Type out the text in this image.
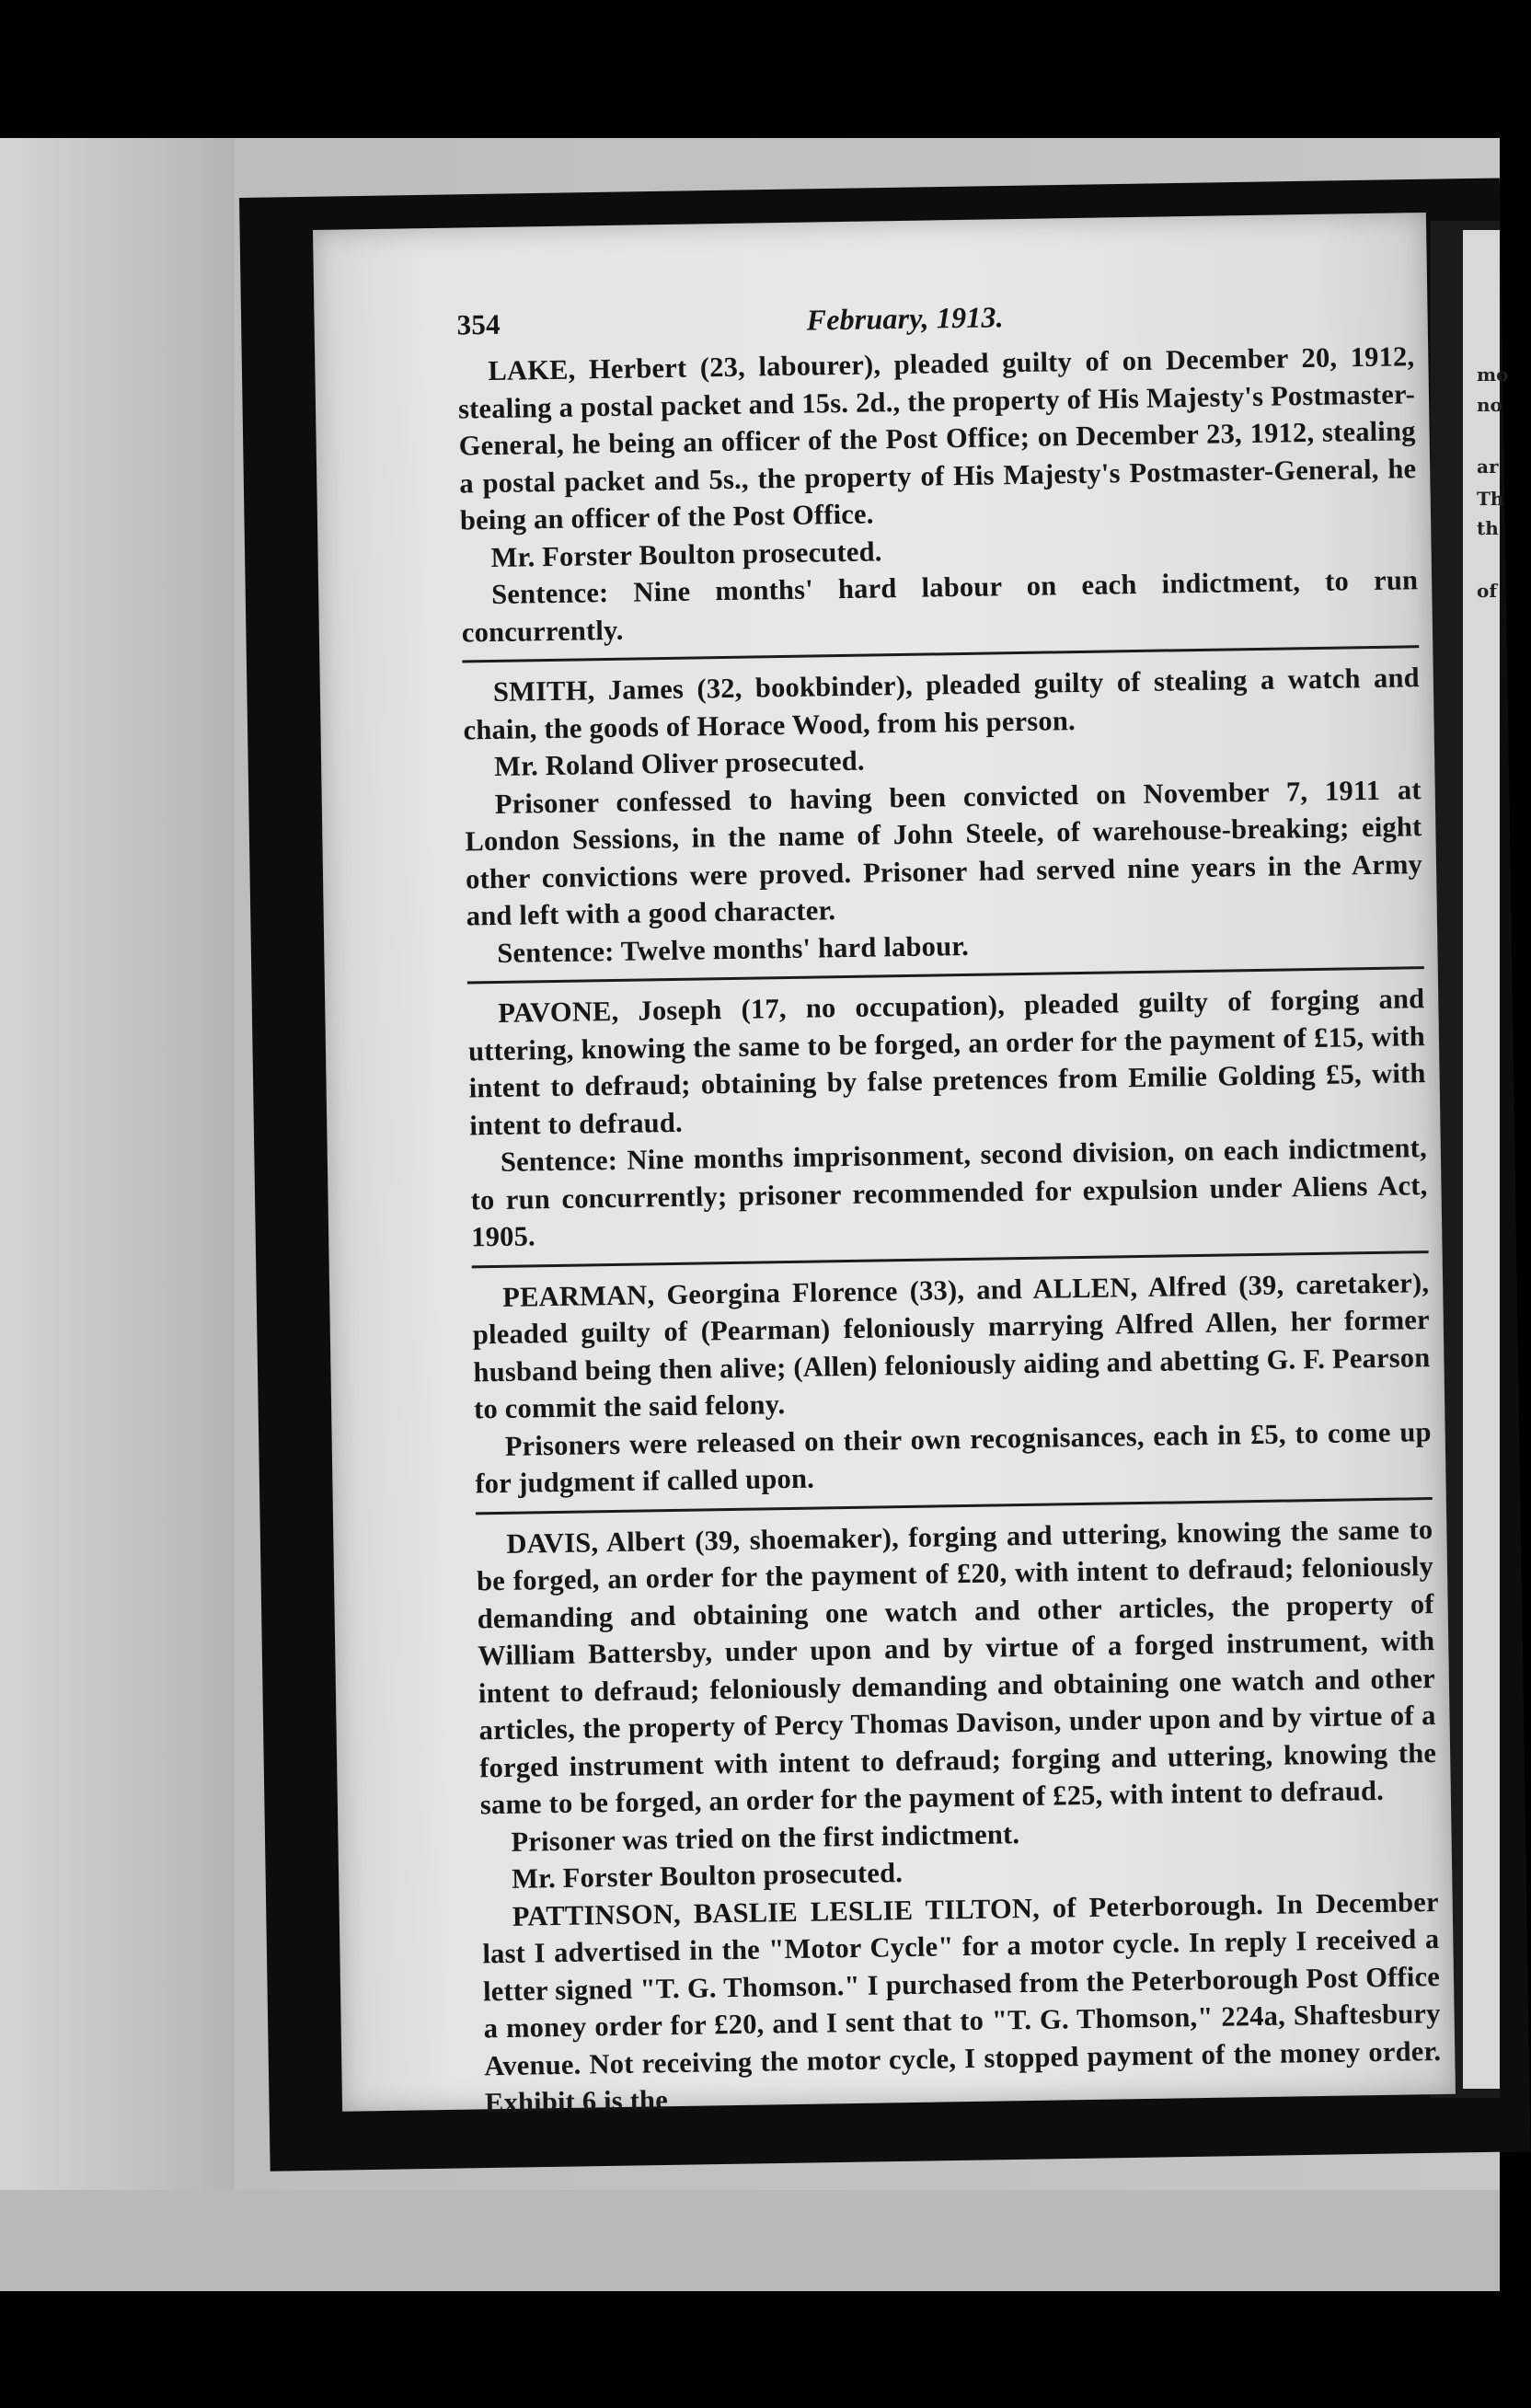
mo
no
ar
Th
th
of
354	February, 1913.

LAKE, Herbert (23, labourer), pleaded guilty of on December 20, 1912, stealing a postal packet and 15s. 2d., the property of His Majesty's Postmaster-General, he being an officer of the Post Office; on December 23, 1912, stealing a postal packet and 5s., the property of His Majesty's Postmaster-General, he being an officer of the Post Office.

Mr. Forster Boulton prosecuted.

Sentence: Nine months' hard labour on each indictment, to run concurrently.

SMITH, James (32, bookbinder), pleaded guilty of stealing a watch and chain, the goods of Horace Wood, from his person.

Mr. Roland Oliver prosecuted.

Prisoner confessed to having been convicted on November 7, 1911 at London Sessions, in the name of John Steele, of warehouse-breaking; eight other convictions were proved. Prisoner had served nine years in the Army and left with a good character.

Sentence: Twelve months' hard labour.

PAVONE, Joseph (17, no occupation), pleaded guilty of forging and uttering, knowing the same to be forged, an order for the payment of £15, with intent to defraud; obtaining by false pretences from Emilie Golding £5, with intent to defraud.

Sentence: Nine months imprisonment, second division, on each indictment, to run concurrently; prisoner recommended for expulsion under Aliens Act, 1905.

PEARMAN, Georgina Florence (33), and ALLEN, Alfred (39, caretaker), pleaded guilty of (Pearman) feloniously marrying Alfred Allen, her former husband being then alive; (Allen) feloniously aiding and abetting G. F. Pearson to commit the said felony.

Prisoners were released on their own recognisances, each in £5, to come up for judgment if called upon.

DAVIS, Albert (39, shoemaker), forging and uttering, knowing the same to be forged, an order for the payment of £20, with intent to defraud; feloniously demanding and obtaining one watch and other articles, the property of William Battersby, under upon and by virtue of a forged instrument, with intent to defraud; feloniously demanding and obtaining one watch and other articles, the property of Percy Thomas Davison, under upon and by virtue of a forged instrument with intent to defraud; forging and uttering, knowing the same to be forged, an order for the payment of £25, with intent to defraud.

Prisoner was tried on the first indictment.

Mr. Forster Boulton prosecuted.

PATTINSON, BASLIE LESLIE TILTON, of Peterborough. In December last I advertised in the "Motor Cycle" for a motor cycle. In reply I received a letter signed "T. G. Thomson." I purchased from the Peterborough Post Office a money order for £20, and I sent that to "T. G. Thomson," 224a, Shaftesbury Avenue. Not receiving the motor cycle, I stopped payment of the money order. Exhibit 6 is the
